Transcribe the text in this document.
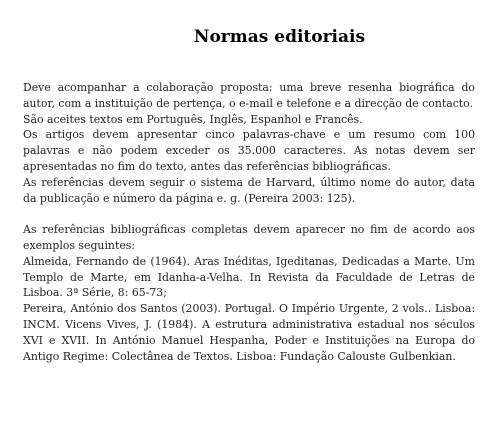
Normas editoriais

Deve acompanhar a colaboração proposta: uma breve resenha biográfica do autor, com a instituição de pertença, o e-mail e telefone e a direcção de contacto.

São aceites textos em Português, Inglês, Espanhol e Francês.

Os artigos devem apresentar cinco palavras-chave e um resumo com 100 palavras e não podem exceder os 35.000 caracteres. As notas devem ser apresentadas no fim do texto, antes das referências bibliográficas.

As referências devem seguir o sistema de Harvard, último nome do autor, data da publicação e número da página e. g. (Pereira 2003: 125).

As referências bibliográficas completas devem aparecer no fim de acordo aos exemplos seguintes:

Almeida, Fernando de (1964). Aras Inéditas, Igeditanas, Dedicadas a Marte. Um Templo de Marte, em Idanha-a-Velha. In Revista da Faculdade de Letras de Lisboa. 3ª Série, 8: 65-73;

Pereira, António dos Santos (2003). Portugal. O Império Urgente, 2 vols.. Lisboa: INCM. Vicens Vives, J. (1984). A estrutura administrativa estadual nos séculos XVI e XVII. In António Manuel Hespanha, Poder e Instituições na Europa do Antigo Regime: Colectânea de Textos. Lisboa: Fundação Calouste Gulbenkian.
